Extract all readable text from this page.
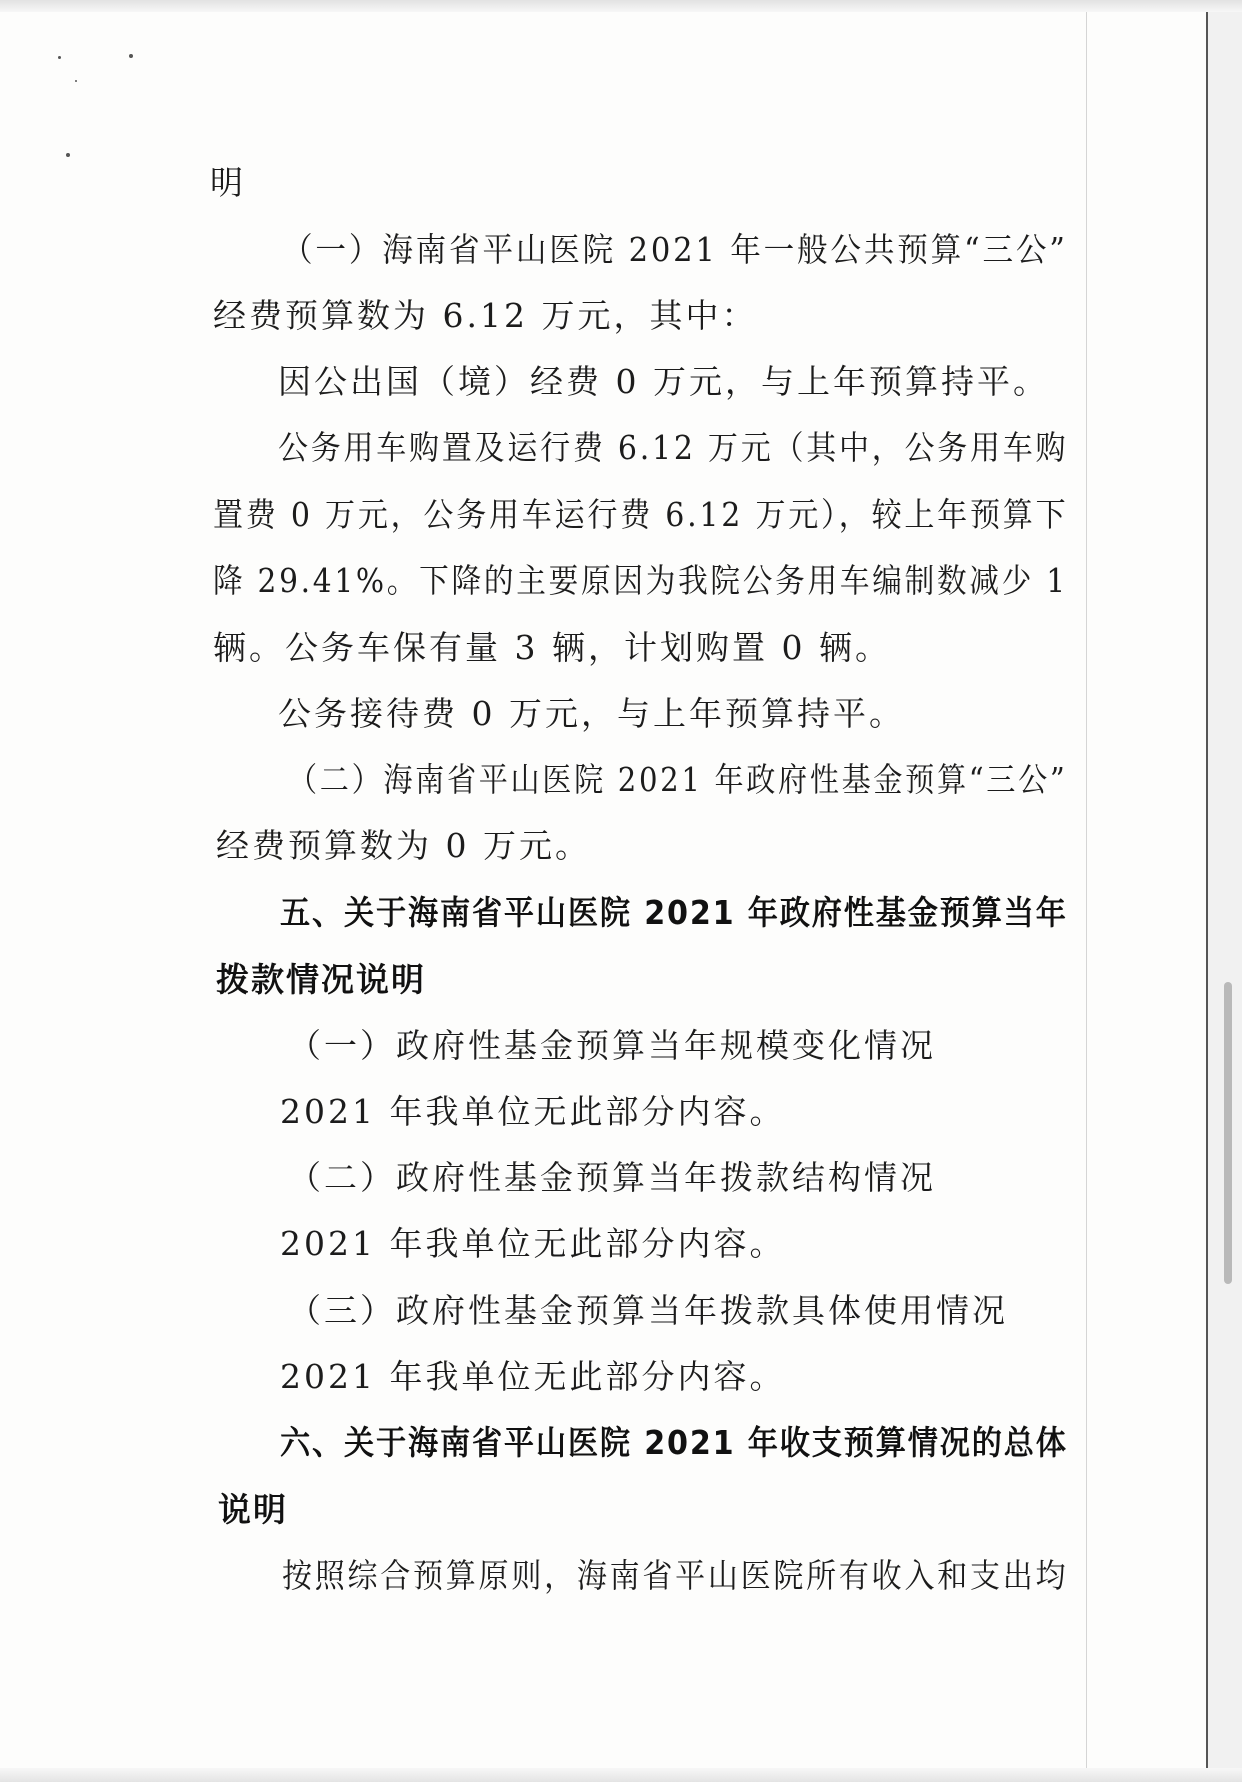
明
（一）海南省平山医院 2021 年一般公共预算“三公”
经费预算数为 6.12 万元，其中：
因公出国（境）经费 0 万元，与上年预算持平。
公务用车购置及运行费 6.12 万元（其中，公务用车购
置费 0 万元，公务用车运行费 6.12 万元），较上年预算下
降 29.41%。下降的主要原因为我院公务用车编制数减少 1
辆。公务车保有量 3 辆，计划购置 0 辆。
公务接待费 0 万元，与上年预算持平。
（二）海南省平山医院 2021 年政府性基金预算“三公”
经费预算数为 0 万元。
五、关于海南省平山医院 2021 年政府性基金预算当年
拨款情况说明
（一）政府性基金预算当年规模变化情况
2021 年我单位无此部分内容。
（二）政府性基金预算当年拨款结构情况
2021 年我单位无此部分内容。
（三）政府性基金预算当年拨款具体使用情况
2021 年我单位无此部分内容。
六、关于海南省平山医院 2021 年收支预算情况的总体
说明
按照综合预算原则，海南省平山医院所有收入和支出均
